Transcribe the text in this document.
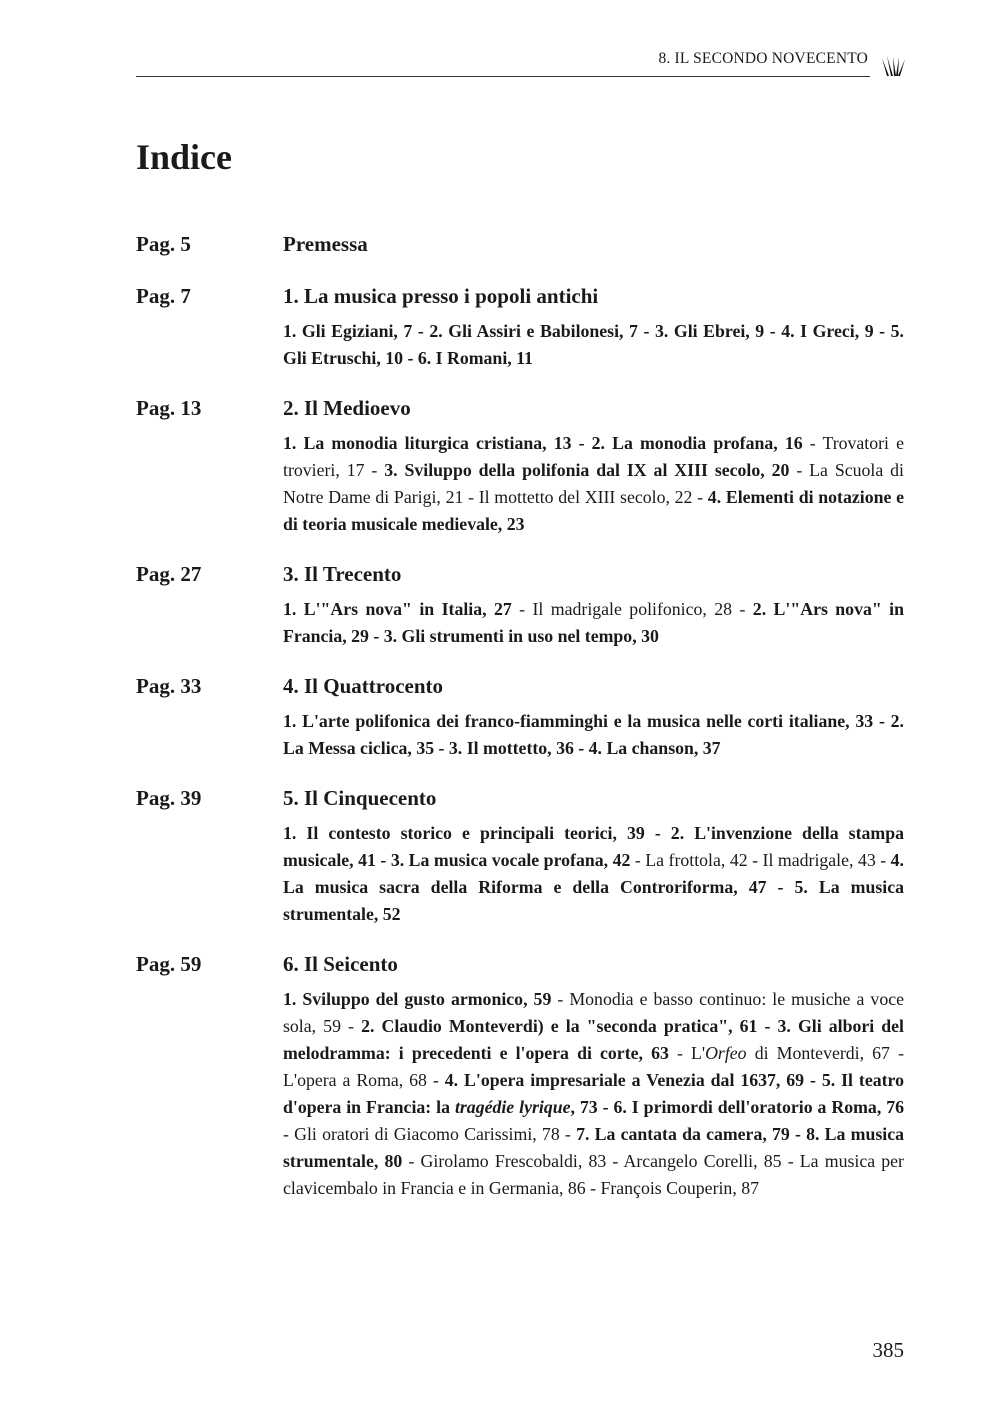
8. IL SECONDO NOVECENTO
Indice
Pag. 5	Premessa
Pag. 7	1. La musica presso i popoli antichi
1. Gli Egiziani, 7 - 2. Gli Assiri e Babilonesi, 7 - 3. Gli Ebrei, 9 - 4. I Greci, 9 - 5. Gli Etruschi, 10 - 6. I Romani, 11
Pag. 13	2. Il Medioevo
1. La monodia liturgica cristiana, 13 - 2. La monodia profana, 16 - Trovatori e trovieri, 17 - 3. Sviluppo della polifonia dal IX al XIII secolo, 20 - La Scuola di Notre Dame di Parigi, 21 - Il mottetto del XIII secolo, 22 - 4. Elementi di notazione e di teoria musicale medievale, 23
Pag. 27	3. Il Trecento
1. L'"Ars nova" in Italia, 27 - Il madrigale polifonico, 28 - 2. L'"Ars nova" in Francia, 29 - 3. Gli strumenti in uso nel tempo, 30
Pag. 33	4. Il Quattrocento
1. L'arte polifonica dei franco-fiamminghi e la musica nelle corti italiane, 33 - 2. La Messa ciclica, 35 - 3. Il mottetto, 36 - 4. La chanson, 37
Pag. 39	5. Il Cinquecento
1. Il contesto storico e principali teorici, 39 - 2. L'invenzione della stampa musicale, 41 - 3. La musica vocale profana, 42 - La frottola, 42 - Il madrigale, 43 - 4. La musica sacra della Riforma e della Controriforma, 47 - 5. La musica strumentale, 52
Pag. 59	6. Il Seicento
1. Sviluppo del gusto armonico, 59 - Monodia e basso continuo: le musiche a voce sola, 59 - 2. Claudio Monteverdi) e la "seconda pratica", 61 - 3. Gli albori del melodramma: i precedenti e l'opera di corte, 63 - L'Orfeo di Monteverdi, 67 - L'opera a Roma, 68 - 4. L'opera impresariale a Venezia dal 1637, 69 - 5. Il teatro d'opera in Francia: la tragédie lyrique, 73 - 6. I primordi dell'oratorio a Roma, 76 - Gli oratori di Giacomo Carissimi, 78 - 7. La cantata da camera, 79 - 8. La musica strumentale, 80 - Girolamo Frescobaldi, 83 - Arcangelo Corelli, 85 - La musica per clavicembalo in Francia e in Germania, 86 - François Couperin, 87
385
